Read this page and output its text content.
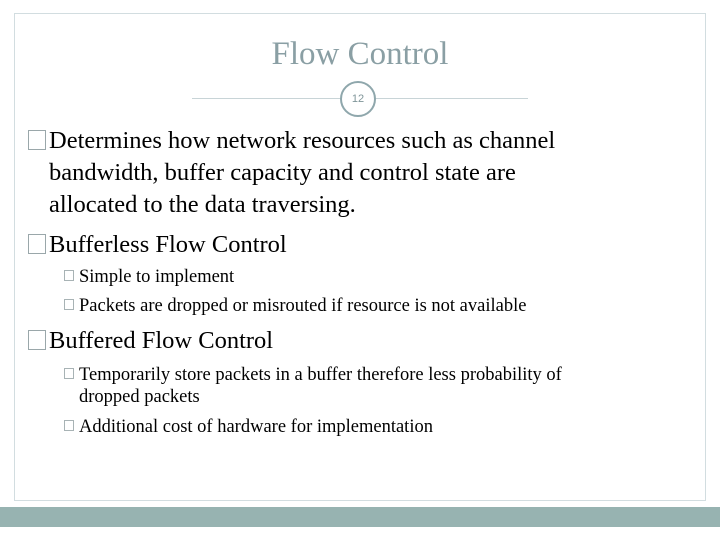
Flow Control
12
Determines how network resources such as channel
bandwidth, buffer capacity and control state are
allocated to the data traversing.
Bufferless Flow Control
Simple to implement
Packets are dropped or misrouted if resource is not available
Buffered Flow Control
Temporarily store packets in a buffer therefore less probability of
dropped packets
Additional cost of hardware for implementation
